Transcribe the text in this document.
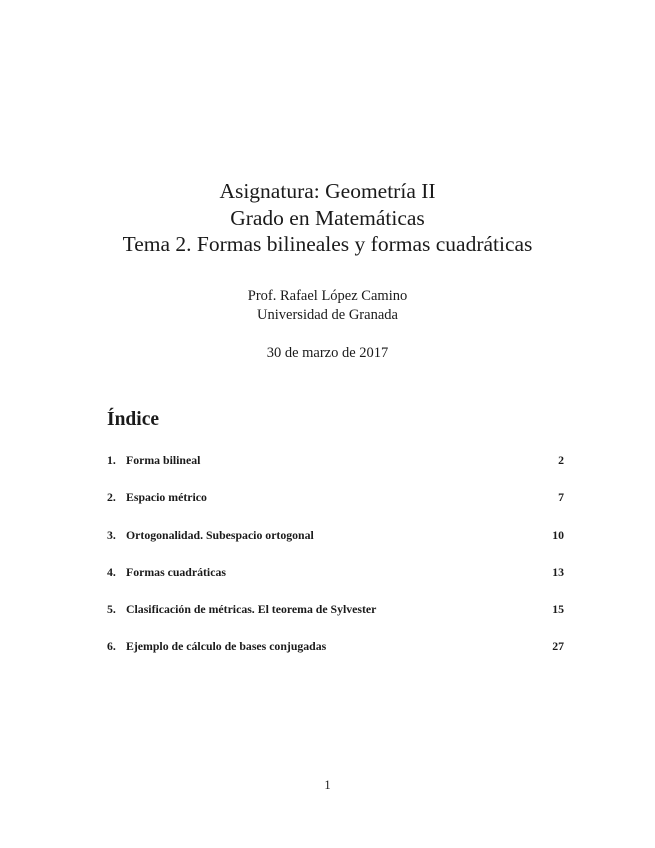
Asignatura: Geometría II

Grado en Matemáticas

Tema 2. Formas bilineales y formas cuadráticas

Prof. Rafael López Camino
Universidad de Granada
30 de marzo de 2017
Índice
1. Forma bilineal	2
2. Espacio métrico	7
3. Ortogonalidad. Subespacio ortogonal	10
4. Formas cuadráticas	13
5. Clasificación de métricas. El teorema de Sylvester	15
6. Ejemplo de cálculo de bases conjugadas	27
1
